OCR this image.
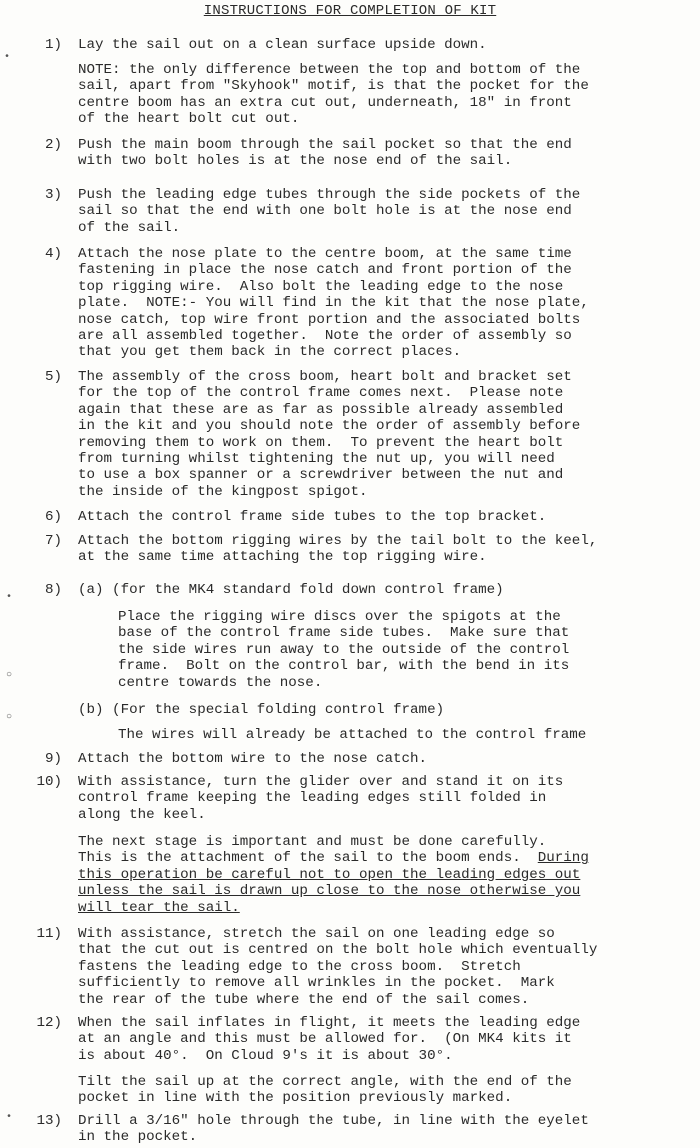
INSTRUCTIONS FOR COMPLETION OF KIT
1) Lay the sail out on a clean surface upside down.
NOTE: the only difference between the top and bottom of the
sail, apart from "Skyhook" motif, is that the pocket for the
centre boom has an extra cut out, underneath, 18" in front
of the heart bolt cut out.
2) Push the main boom through the sail pocket so that the end
with two bolt holes is at the nose end of the sail.
3) Push the leading edge tubes through the side pockets of the
sail so that the end with one bolt hole is at the nose end
of the sail.
4) Attach the nose plate to the centre boom, at the same time
fastening in place the nose catch and front portion of the
top rigging wire.  Also bolt the leading edge to the nose
plate.  NOTE:- You will find in the kit that the nose plate,
nose catch, top wire front portion and the associated bolts
are all assembled together.  Note the order of assembly so
that you get them back in the correct places.
5) The assembly of the cross boom, heart bolt and bracket set
for the top of the control frame comes next.  Please note
again that these are as far as possible already assembled
in the kit and you should note the order of assembly before
removing them to work on them.  To prevent the heart bolt
from turning whilst tightening the nut up, you will need
to use a box spanner or a screwdriver between the nut and
the inside of the kingpost spigot.
6) Attach the control frame side tubes to the top bracket.
7) Attach the bottom rigging wires by the tail bolt to the keel,
at the same time attaching the top rigging wire.
8) (a) (for the MK4 standard fold down control frame)
Place the rigging wire discs over the spigots at the
base of the control frame side tubes.  Make sure that
the side wires run away to the outside of the control
frame.  Bolt on the control bar, with the bend in its
centre towards the nose.
(b) (For the special folding control frame)
The wires will already be attached to the control frame
9) Attach the bottom wire to the nose catch.
10) With assistance, turn the glider over and stand it on its
control frame keeping the leading edges still folded in
along the keel.
The next stage is important and must be done carefully.
This is the attachment of the sail to the boom ends.  During
this operation be careful not to open the leading edges out
unless the sail is drawn up close to the nose otherwise you
will tear the sail.
11) With assistance, stretch the sail on one leading edge so
that the cut out is centred on the bolt hole which eventually
fastens the leading edge to the cross boom.  Stretch
sufficiently to remove all wrinkles in the pocket.  Mark
the rear of the tube where the end of the sail comes.
12) When the sail inflates in flight, it meets the leading edge
at an angle and this must be allowed for.  (On MK4 kits it
is about 40°.  On Cloud 9's it is about 30°.
Tilt the sail up at the correct angle, with the end of the
pocket in line with the position previously marked.
13) Drill a 3/16" hole through the tube, in line with the eyelet
in the pocket.
•
•
○
○
•
